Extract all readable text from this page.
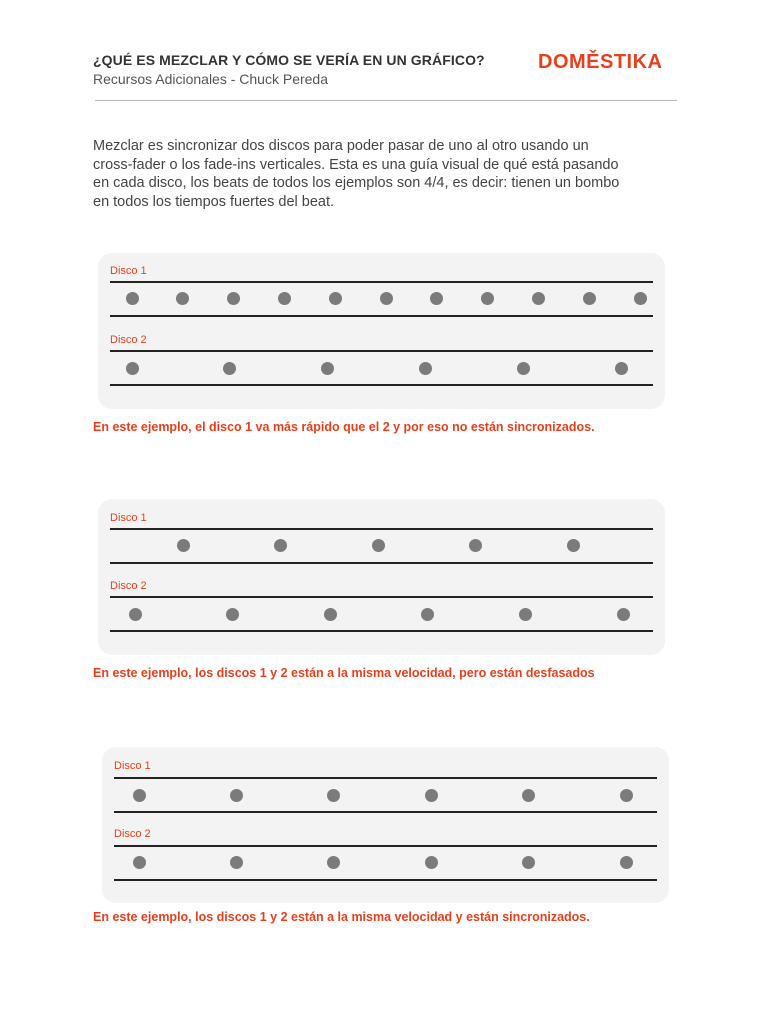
¿QUÉ ES MEZCLAR Y CÓMO SE VERÍA EN UN GRÁFICO?
Recursos Adicionales - Chuck Pereda
DOMĚSTIKA

Mezclar es sincronizar dos discos para poder pasar de uno al otro usando un

cross-fader o los fade-ins verticales. Esta es una guía visual de qué está pasando

en cada disco, los beats de todos los ejemplos son 4/4, es decir: tienen un bombo

en todos los tiempos fuertes del beat.

Disco 1
Disco 2
En este ejemplo, el disco 1 va más rápido que el 2 y por eso no están sincronizados.
Disco 1
Disco 2
En este ejemplo, los discos 1 y 2 están a la misma velocidad, pero están desfasados
Disco 1
Disco 2
En este ejemplo, los discos 1 y 2 están a la misma velocidad y están sincronizados.
